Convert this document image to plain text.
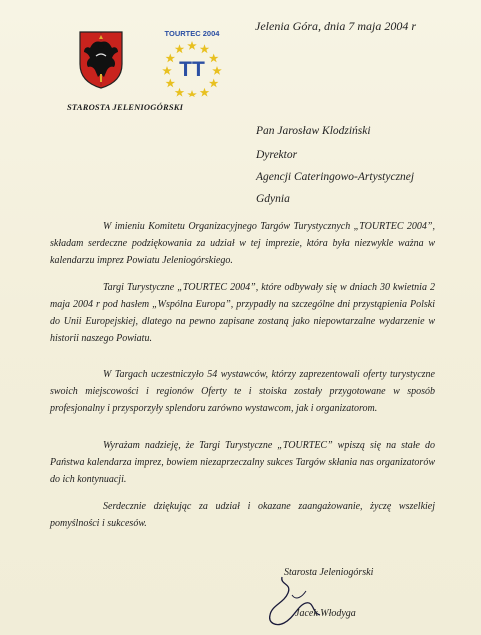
STAROSTA JELENIOGÓRSKI
TOURTEC 2004
TT
Jelenia Góra, dnia 7 maja 2004 r
Pan Jarosław Klodziński
Dyrektor
Agencji Cateringowo-Artystycznej
Gdynia

W imieniu Komitetu Organizacyjnego Targów Turystycznych „TOURTEC 2004”, składam serdeczne podziękowania za udział w tej imprezie, która była niezwykle ważna w kalendarzu imprez Powiatu Jeleniogórskiego.

Targi Turystyczne „TOURTEC 2004”, które odbywały się w dniach 30 kwietnia 2 maja 2004 r pod hasłem „Wspólna Europa”, przypadły na szczególne dni przystąpienia Polski do Unii Europejskiej, dlatego na pewno zapisane zostaną jako niepowtarzalne wydarzenie w historii naszego Powiatu.

W Targach uczestniczyło 54 wystawców, którzy zaprezentowali oferty turystyczne swoich miejscowości i regionów Oferty te i stoiska zostały przygotowane w sposób profesjonalny i przysporzyły splendoru zarówno wystawcom, jak i organizatorom.

Wyrażam nadzieję, że Targi Turystyczne „TOURTEC” wpiszą się na stałe do Państwa kalendarza imprez, bowiem niezaprzeczalny sukces Targów skłania nas organizatorów do ich kontynuacji.

Serdecznie dziękując za udział i okazane zaangażowanie, życzę wszelkiej pomyślności i sukcesów.

Starosta Jeleniogórski
Jacek Włodyga
